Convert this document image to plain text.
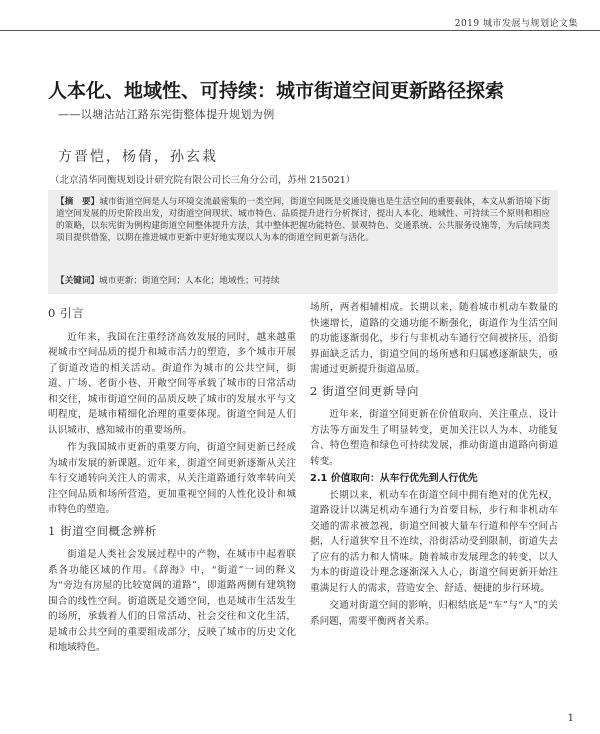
2019 城市发展与规划论文集
人本化、地域性、可持续：城市街道空间更新路径探索
——以塘沽站江路东宪街整体提升规划为例
方晋恺，杨倩，孙玄栽
（北京清华同衡规划设计研究院有限公司长三角分公司，苏州 215021）
【摘　要】城市街道空间是人与环境交流最密集的一类空间，街道空间既是交通设施也是生活空间的重要载体，本文从新语境下街道空间发展的历史阶段出发，对街道空间现状、城市特色、品质提升进行分析探讨，提出人本化、地域性、可持续三个原则和相应的策略，以东宪街为例构建街道空间整体提升方法，其中整体把握功能特色、景观特色、交通系统、公共服务设施等，为后续同类项目提供借鉴，以期在推进城市更新中更好地实现以人为本的街道空间更新与活化。
【关键词】城市更新；街道空间；人本化；地域性；可持续
0 引言

近年来，我国在注重经济高效发展的同时，越来越重视城市空间品质的提升和城市活力的塑造，多个城市开展了街道改造的相关活动。街道作为城市的公共空间，街道、广场、老街小巷、开敞空间等承载了城市的日常活动和交往，城市街道空间的品质反映了城市的发展水平与文明程度，是城市精细化治理的重要体现。街道空间是人们认识城市、感知城市的重要场所。

作为我国城市更新的重要方向，街道空间更新已经成为城市发展的新课题。近年来，街道空间更新逐渐从关注车行交通转向关注人的需求，从关注道路通行效率转向关注空间品质和场所营造，更加重视空间的人性化设计和城市特色的塑造。

1 街道空间概念辨析

街道是人类社会发展过程中的产物，在城市中起着联系各功能区域的作用。《辞海》中，“街道”一词的释义为“旁边有房屋的比较宽阔的道路”，即道路两侧有建筑物围合的线性空间。街道既是交通空间，也是城市生活发生的场所，承载着人们的日常活动、社会交往和文化生活，是城市公共空间的重要组成部分，反映了城市的历史文化和地域特色。

场所，两者相辅相成。长期以来，随着城市机动车数量的快速增长，道路的交通功能不断强化，街道作为生活空间的功能逐渐弱化，步行与非机动车通行空间被挤压，沿街界面缺乏活力，街道空间的场所感和归属感逐渐缺失，亟需通过更新提升街道品质。

2 街道空间更新导向

近年来，街道空间更新在价值取向、关注重点、设计方法等方面发生了明显转变，更加关注以人为本、功能复合、特色塑造和绿色可持续发展，推动街道由道路向街道转变。

2.1 价值取向：从车行优先到人行优先

长期以来，机动车在街道空间中拥有绝对的优先权，道路设计以满足机动车通行为首要目标，步行和非机动车交通的需求被忽视，街道空间被大量车行道和停车空间占据，人行道狭窄且不连续，沿街活动受到限制，街道失去了应有的活力和人情味。随着城市发展理念的转变，以人为本的街道设计理念逐渐深入人心，街道空间更新开始注重满足行人的需求，营造安全、舒适、便捷的步行环境。

交通对街道空间的影响，归根结底是“车”与“人”的关系问题，需要平衡两者关系。

1
